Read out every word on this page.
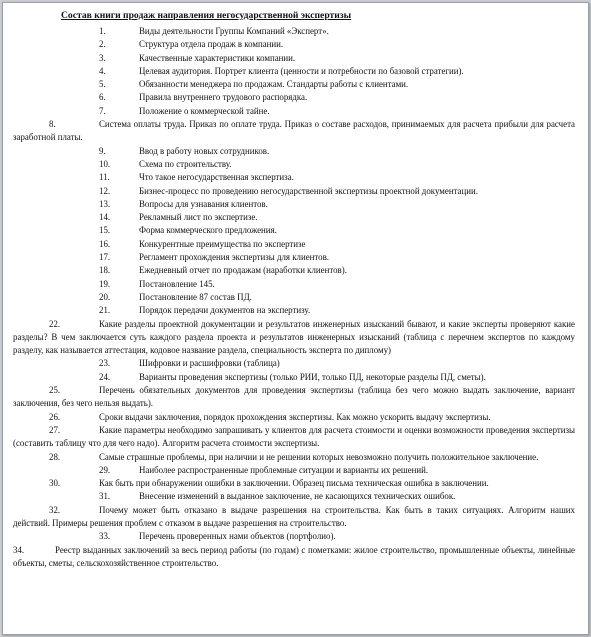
Состав книги продаж направления негосударственной экспертизы
1.	Виды деятельности Группы Компаний «Эксперт».
2.	Структура отдела продаж в компании.
3.	Качественные характеристики компании.
4.	Целевая аудитория. Портрет клиента (ценности и потребности по базовой стратегии).
5.	Обязанности менеджера по продажам. Стандарты работы с клиентами.
6.	Правила внутреннего трудового распорядка.
7.	Положение о коммерческой тайне.
8.	Система оплаты труда. Приказ по оплате труда. Приказ о составе расходов, принимаемых для расчета прибыли для расчета заработной платы.
9.	Ввод в работу новых сотрудников.
10.	Схема по строительству.
11.	Что такое негосударственная экспертиза.
12.	Бизнес-процесс по проведению негосударственной экспертизы проектной документации.
13.	Вопросы для узнавания клиентов.
14.	Рекламный лист по экспертизе.
15.	Форма коммерческого предложения.
16.	Конкурентные преимущества по экспертизе
17.	Регламент прохождения экспертизы для клиентов.
18.	Ежедневный отчет по продажам (наработки клиентов).
19.	Постановление 145.
20.	Постановление 87 состав ПД.
21.	Порядок передачи документов на экспертизу.
22.	Какие разделы проектной документации и результатов инженерных изысканий бывают, и какие эксперты проверяют какие разделы? В чем заключается суть каждого раздела проекта и результатов инженерных изысканий (таблица с перечнем экспертов по каждому разделу, как называется аттестация, кодовое название раздела, специальность эксперта по диплому)
23.	Шифровки и расшифровки (таблица)
24.	Варианты проведения экспертизы (только РИИ, только ПД, некоторые разделы ПД, сметы).
25.	Перечень обязательных документов для проведения экспертизы (таблица без чего можно выдать заключение, вариант заключения, без чего нельзя выдать).
26.	Сроки выдачи заключения, порядок прохождения экспертизы. Как можно ускорить выдачу экспертизы.
27.	Какие параметры необходимо запрашивать у клиентов для расчета стоимости и оценки возможности проведения экспертизы (составить таблицу что для чего надо). Алгоритм расчета стоимости экспертизы.
28.	Самые страшные проблемы, при наличии и не решении которых невозможно получить положительное заключение.
29.	Наиболее распространенные проблемные ситуации и варианты их решений.
30.	Как быть при обнаружении ошибки в заключении. Образец письма техническая ошибка в заключении.
31.	Внесение изменений в выданное заключение, не касающихся технических ошибок.
32.	Почему может быть отказано в выдаче разрешения на строительства. Как быть в таких ситуациях. Алгоритм наших действий. Примеры решения проблем с отказом в выдаче разрешения на строительство.
33.	Перечень проверенных нами объектов (портфолио).
34.	Реестр выданных заключений за весь период работы (по годам) с пометками: жилое строительство, промышленные объекты, линейные объекты, сметы, сельскохозяйственное строительство.
